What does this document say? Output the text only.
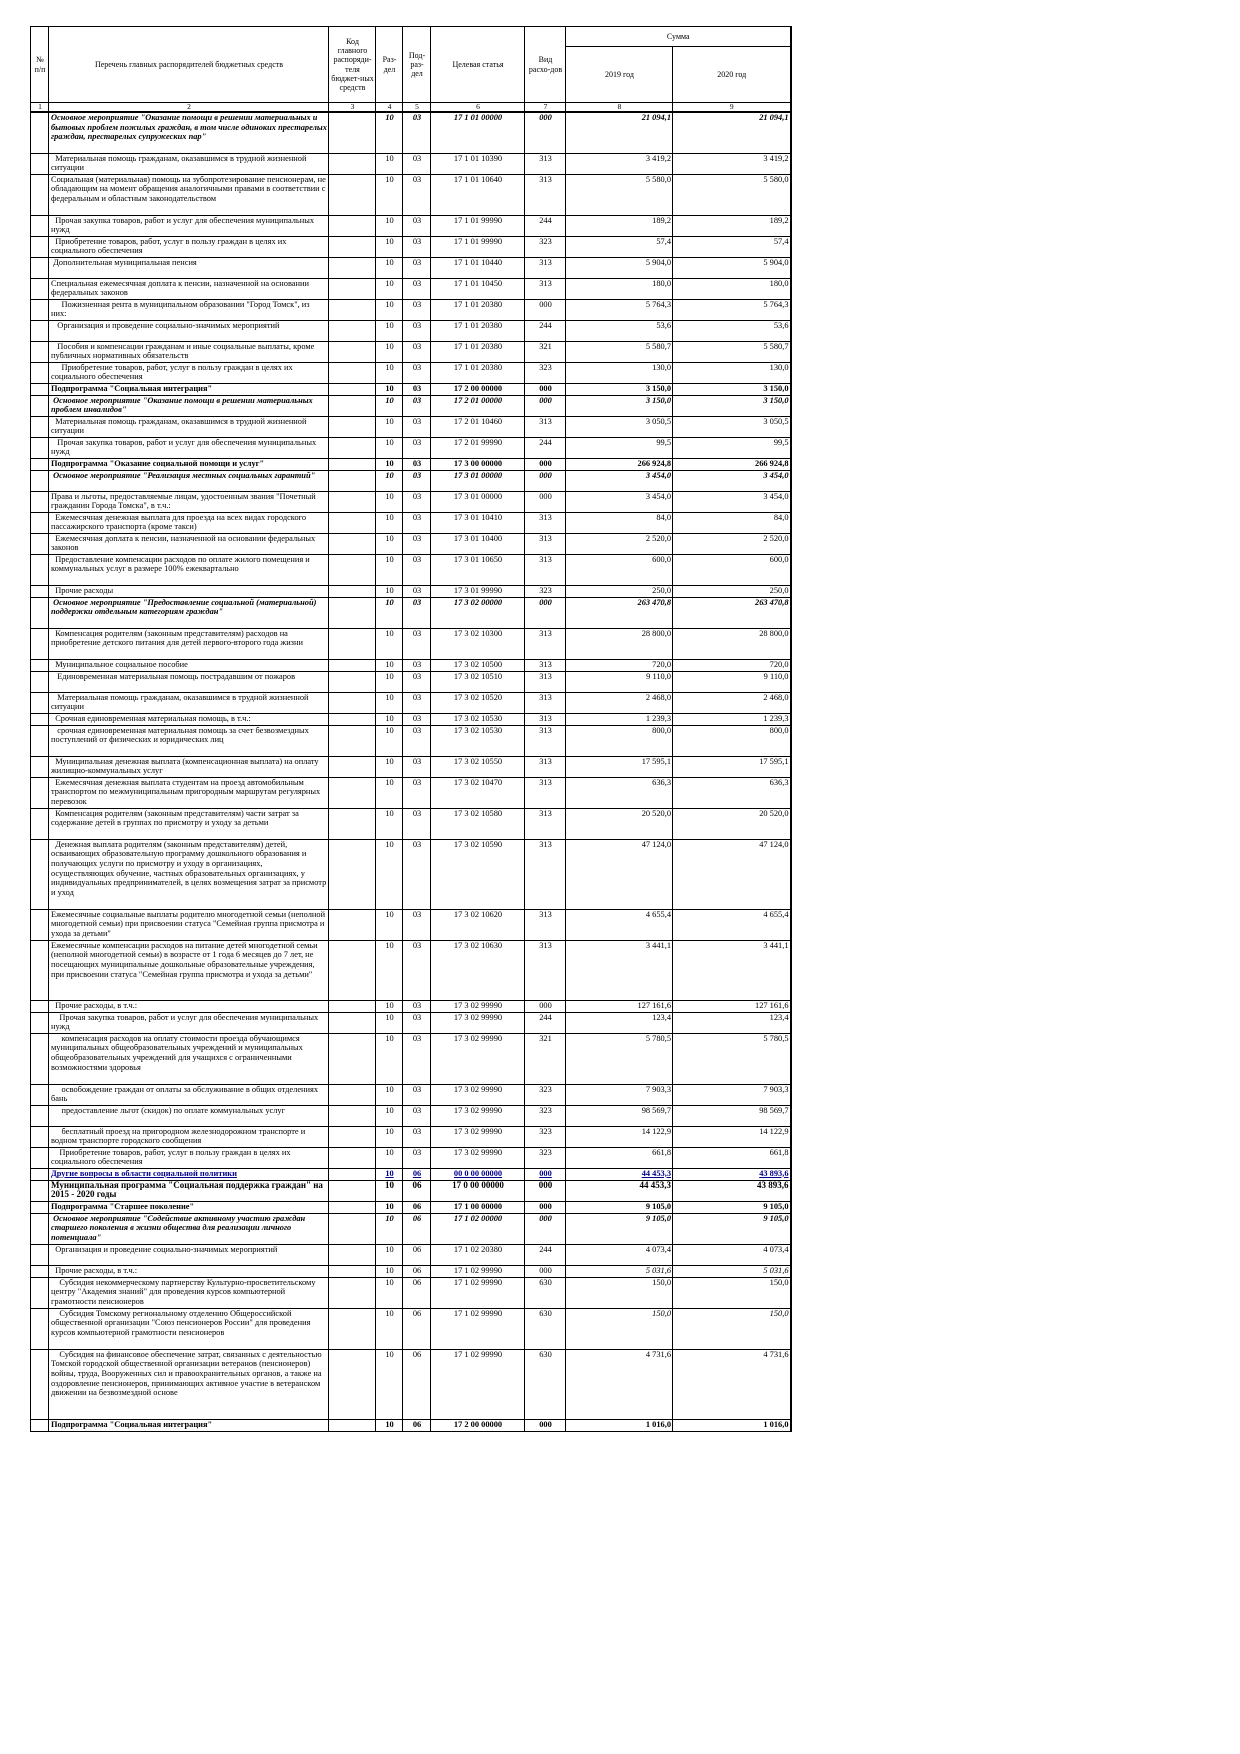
№ п/п	Перечень главных распорядителей бюджетных средств	Код главного распоряди-теля бюджет-ных средств	Раз-дел	Под-раз-дел	Целевая статья	Вид расхо-дов	Сумма	
							2019 год	2020 год
1	2	3	4	5	6	7	8	9
	Основное мероприятие "Оказание помощи в решении материальных и бытовых проблем пожилых граждан, в том числе одиноких престарелых граждан, престарелых супружеских пар"		10	03	17 1 01 00000	000	21 094,1	21 094,1
	Материальная помощь гражданам, оказавшимся в трудной жизненной ситуации		10	03	17 1 01 10390	313	3 419,2	3 419,2
	Социальная (материальная) помощь на зубопротезирование пенсионерам, не обладающим на момент обращения аналогичными правами в соответствии с федеральным и областным законодательством		10	03	17 1 01 10640	313	5 580,0	5 580,0
	Прочая закупка товаров, работ и услуг для обеспечения муниципальных нужд		10	03	17 1 01 99990	244	189,2	189,2
	Приобретение товаров, работ, услуг в пользу граждан в целях их социального обеспечения		10	03	17 1 01 99990	323	57,4	57,4
	Дополнительная муниципальная пенсия		10	03	17 1 01 10440	313	5 904,0	5 904,0
	Специальная ежемесячная доплата к пенсии, назначенной на основании федеральных законов		10	03	17 1 01 10450	313	180,0	180,0
	Пожизненная рента в муниципальном образовании "Город Томск", из них:		10	03	17 1 01 20380	000	5 764,3	5 764,3
	Организация и проведение социально-значимых мероприятий		10	03	17 1 01 20380	244	53,6	53,6
	Пособия и компенсации гражданам и иные социальные выплаты, кроме публичных нормативных обязательств		10	03	17 1 01 20380	321	5 580,7	5 580,7
	Приобретение товаров, работ, услуг в пользу граждан в целях их социального обеспечения		10	03	17 1 01 20380	323	130,0	130,0
	Подпрограмма "Социальная интеграция"		10	03	17 2 00 00000	000	3 150,0	3 150,0
	Основное мероприятие "Оказание помощи в решении материальных проблем инвалидов"		10	03	17 2 01 00000	000	3 150,0	3 150,0
	Материальная помощь гражданам, оказавшимся в трудной жизненной ситуации		10	03	17 2 01 10460	313	3 050,5	3 050,5
	Прочая закупка товаров, работ и услуг для обеспечения муниципальных нужд		10	03	17 2 01 99990	244	99,5	99,5
	Подпрограмма "Оказание социальной помощи и услуг"		10	03	17 3 00 00000	000	266 924,8	266 924,8
	Основное мероприятие "Реализация местных социальных гарантий"		10	03	17 3 01 00000	000	3 454,0	3 454,0
	Права и льготы, предоставляемые лицам, удостоенным звания "Почетный гражданин Города Томска", в т.ч.:		10	03	17 3 01 00000	000	3 454,0	3 454,0
	Ежемесячная денежная выплата для проезда на всех видах городского пассажирского транспорта (кроме такси)		10	03	17 3 01 10410	313	84,0	84,0
	Ежемесячная доплата к пенсии, назначенной на основании федеральных законов		10	03	17 3 01 10400	313	2 520,0	2 520,0
	Предоставление компенсации расходов по оплате жилого помещения и коммунальных услуг в размере 100% ежеквартально		10	03	17 3 01 10650	313	600,0	600,0
	Прочие расходы		10	03	17 3 01 99990	323	250,0	250,0
	Основное мероприятие "Предоставление социальной (материальной) поддержки отдельным категориям граждан"		10	03	17 3 02 00000	000	263 470,8	263 470,8
	Компенсация родителям (законным представителям) расходов на приобретение детского питания для детей первого-второго года жизни		10	03	17 3 02 10300	313	28 800,0	28 800,0
	Муниципальное социальное пособие		10	03	17 3 02 10500	313	720,0	720,0
	Единовременная материальная помощь пострадавшим от пожаров		10	03	17 3 02 10510	313	9 110,0	9 110,0
	Материальная помощь гражданам, оказавшимся в трудной жизненной ситуации		10	03	17 3 02 10520	313	2 468,0	2 468,0
	Срочная единовременная материальная помощь, в т.ч.:		10	03	17 3 02 10530	313	1 239,3	1 239,3
	срочная единовременная материальная помощь за счет безвозмездных поступлений от физических и юридических лиц		10	03	17 3 02 10530	313	800,0	800,0
	Муниципальная денежная выплата (компенсационная выплата) на оплату жилищно-коммунальных услуг		10	03	17 3 02 10550	313	17 595,1	17 595,1
	Ежемесячная денежная выплата студентам на проезд автомобильным транспортом по межмуниципальным пригородным маршрутам регулярных перевозок		10	03	17 3 02 10470	313	636,3	636,3
	Компенсация родителям (законным представителям) части затрат за содержание детей в группах по присмотру и уходу за детьми		10	03	17 3 02 10580	313	20 520,0	20 520,0
	Денежная выплата родителям (законным представителям) детей, осваивающих образовательную программу дошкольного образования и получающих услуги по присмотру и уходу в организациях, осуществляющих обучение, частных образовательных организациях, у индивидуальных предпринимателей, в целях возмещения затрат за присмотр и уход		10	03	17 3 02 10590	313	47 124,0	47 124,0
	Ежемесячные социальные выплаты родителю многодетной семьи (неполной многодетной семьи) при присвоении статуса "Семейная группа присмотра и ухода за детьми"		10	03	17 3 02 10620	313	4 655,4	4 655,4
	Ежемесячные компенсации расходов на питание детей многодетной семьи (неполной многодетной семьи) в возрасте от 1 года 6 месяцев до 7 лет, не посещающих муниципальные дошкольные образовательные учреждения, при присвоении статуса "Семейная группа присмотра и ухода за детьми"		10	03	17 3 02 10630	313	3 441,1	3 441,1
	Прочие расходы, в т.ч.:		10	03	17 3 02 99990	000	127 161,6	127 161,6
	Прочая закупка товаров, работ и услуг для обеспечения муниципальных нужд		10	03	17 3 02 99990	244	123,4	123,4
	компенсация расходов на оплату стоимости проезда обучающимся муниципальных общеобразовательных учреждений и муниципальных общеобразовательных учреждений для учащихся с ограниченными возможностями здоровья		10	03	17 3 02 99990	321	5 780,5	5 780,5
	освобождение граждан от оплаты за обслуживание в общих отделениях бань		10	03	17 3 02 99990	323	7 903,3	7 903,3
	предоставление льгот (скидок) по оплате коммунальных услуг		10	03	17 3 02 99990	323	98 569,7	98 569,7
	бесплатный проезд на пригородном железнодорожном транспорте и водном транспорте городского сообщения		10	03	17 3 02 99990	323	14 122,9	14 122,9
	Приобретение товаров, работ, услуг в пользу граждан в целях их социального обеспечения		10	03	17 3 02 99990	323	661,8	661,8
	Другие вопросы в области социальной политики		10	06	00 0 00 00000	000	44 453,3	43 893,6
	Муниципальная программа "Социальная поддержка граждан" на 2015 - 2020 годы		10	06	17 0 00 00000	000	44 453,3	43 893,6
	Подпрограмма "Старшее поколение"		10	06	17 1 00 00000	000	9 105,0	9 105,0
	Основное мероприятие "Содействие активному участию граждан старшего поколения в жизни общества для реализации личного потенциала"		10	06	17 1 02 00000	000	9 105,0	9 105,0
	Организация и проведение социально-значимых мероприятий		10	06	17 1 02 20380	244	4 073,4	4 073,4
	Прочие расходы, в т.ч.:		10	06	17 1 02 99990	000	5 031,6	5 031,6
	Субсидия некоммерческому партнерству Культурно-просветительскому центру "Академия знаний" для проведения курсов компьютерной грамотности пенсионеров		10	06	17 1 02 99990	630	150,0	150,0
	Субсидия Томскому региональному отделению Общероссийской общественной организации "Союз пенсионеров России" для проведения курсов компьютерной грамотности пенсионеров		10	06	17 1 02 99990	630	150,0	150,0
	Субсидия на финансовое обеспечение затрат, связанных с деятельностью Томской городской общественной организации ветеранов (пенсионеров) войны, труда, Вооруженных сил и правоохранительных органов, а также на оздоровление пенсионеров, принимающих активное участие в ветеранском движении на безвозмездной основе		10	06	17 1 02 99990	630	4 731,6	4 731,6
	Подпрограмма "Социальная интеграция"		10	06	17 2 00 00000	000	1 016,0	1 016,0
